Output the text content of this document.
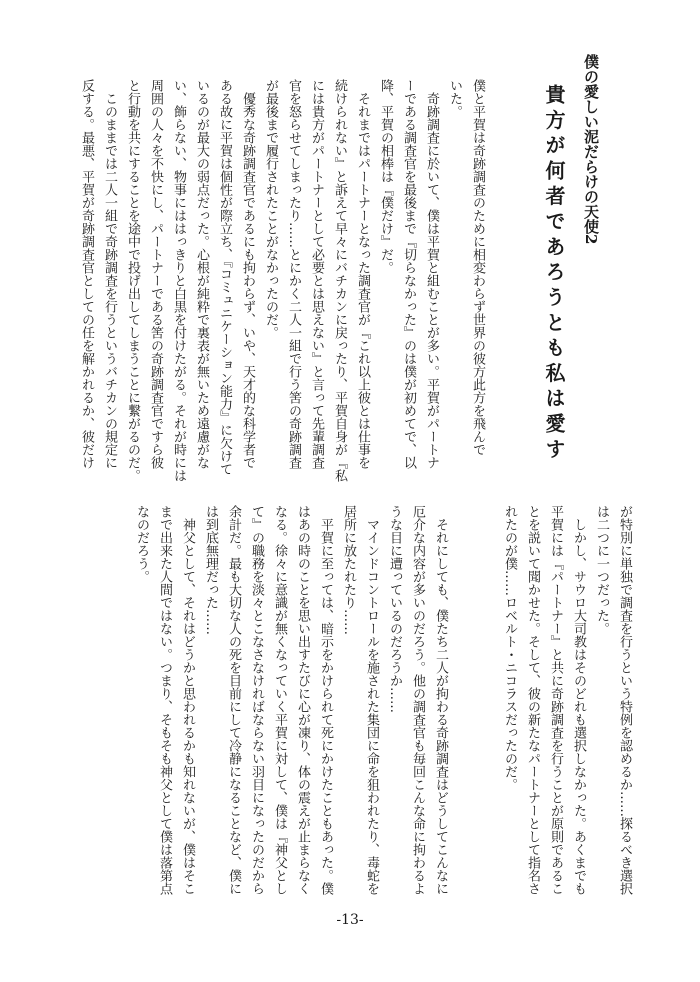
僕の愛しい泥だらけの天使2
貴方が何者であろうとも私は愛す
僕と平賀は奇跡調査のために相変わらず世界の彼方此方を飛んで
いた。
　奇跡調査に於いて、僕は平賀と組むことが多い。平賀がパートナ
ーである調査官を最後まで『切らなかった』のは僕が初めてで、以
降、平賀の相棒は『僕だけ』だ。
　それまではパートナーとなった調査官が『これ以上彼とは仕事を
続けられない』と訴えて早々にバチカンに戻ったり、平賀自身が『私
には貴方がパートナーとして必要とは思えない』と言って先輩調査
官を怒らせてしまったり……とにかく二人一組で行う筈の奇跡調査
が最後まで履行されたことがなかったのだ。
　優秀な奇跡調査官であるにも拘わらず、いや、天才的な科学者で
ある故に平賀は個性が際立ち、『コミュニケーション能力』に欠けて
いるのが最大の弱点だった。心根が純粋で裏表が無いため遠慮がな
い、飾らない、物事にははっきりと白黒を付けたがる。それが時には
周囲の人々を不快にし、パートナーである筈の奇跡調査官ですら彼
と行動を共にすることを途中で投げ出してしまうことに繋がるのだ。
　このままでは二人一組で奇跡調査を行うというバチカンの規定に
反する。最悪、平賀が奇跡調査官としての任を解かれるか、彼だけ
が特別に単独で調査を行うという特例を認めるか……探るべき選択
は二つに一つだった。
　しかし、サウロ大司教はそのどれも選択しなかった。あくまでも
平賀には『パートナー』と共に奇跡調査を行うことが原則であるこ
とを説いて聞かせた。そして、彼の新たなパートナーとして指名さ
れたのが僕……ロベルト・ニコラスだったのだ。

　それにしても、僕たち二人が拘わる奇跡調査はどうしてこんなに
厄介な内容が多いのだろう。他の調査官も毎回こんな命に拘わるよ
うな目に遭っているのだろうか……
　マインドコントロールを施された集団に命を狙われたり、毒蛇を
居所に放たれたり……
　平賀に至っては、暗示をかけられて死にかけたこともあった。僕
はあの時のことを思い出すたびに心が凍り、体の震えが止まらなく
なる。徐々に意識が無くなっていく平賀に対して、僕は『神父とし
て』の職務を淡々とこなさなければならない羽目になったのだから
余計だ。最も大切な人の死を目前にして冷静になることなど、僕に
は到底無理だった……
　神父として、それはどうかと思われるかも知れないが、僕はそこ
まで出来た人間ではない。つまり、そもそも神父として僕は落第点
なのだろう。
-13-
